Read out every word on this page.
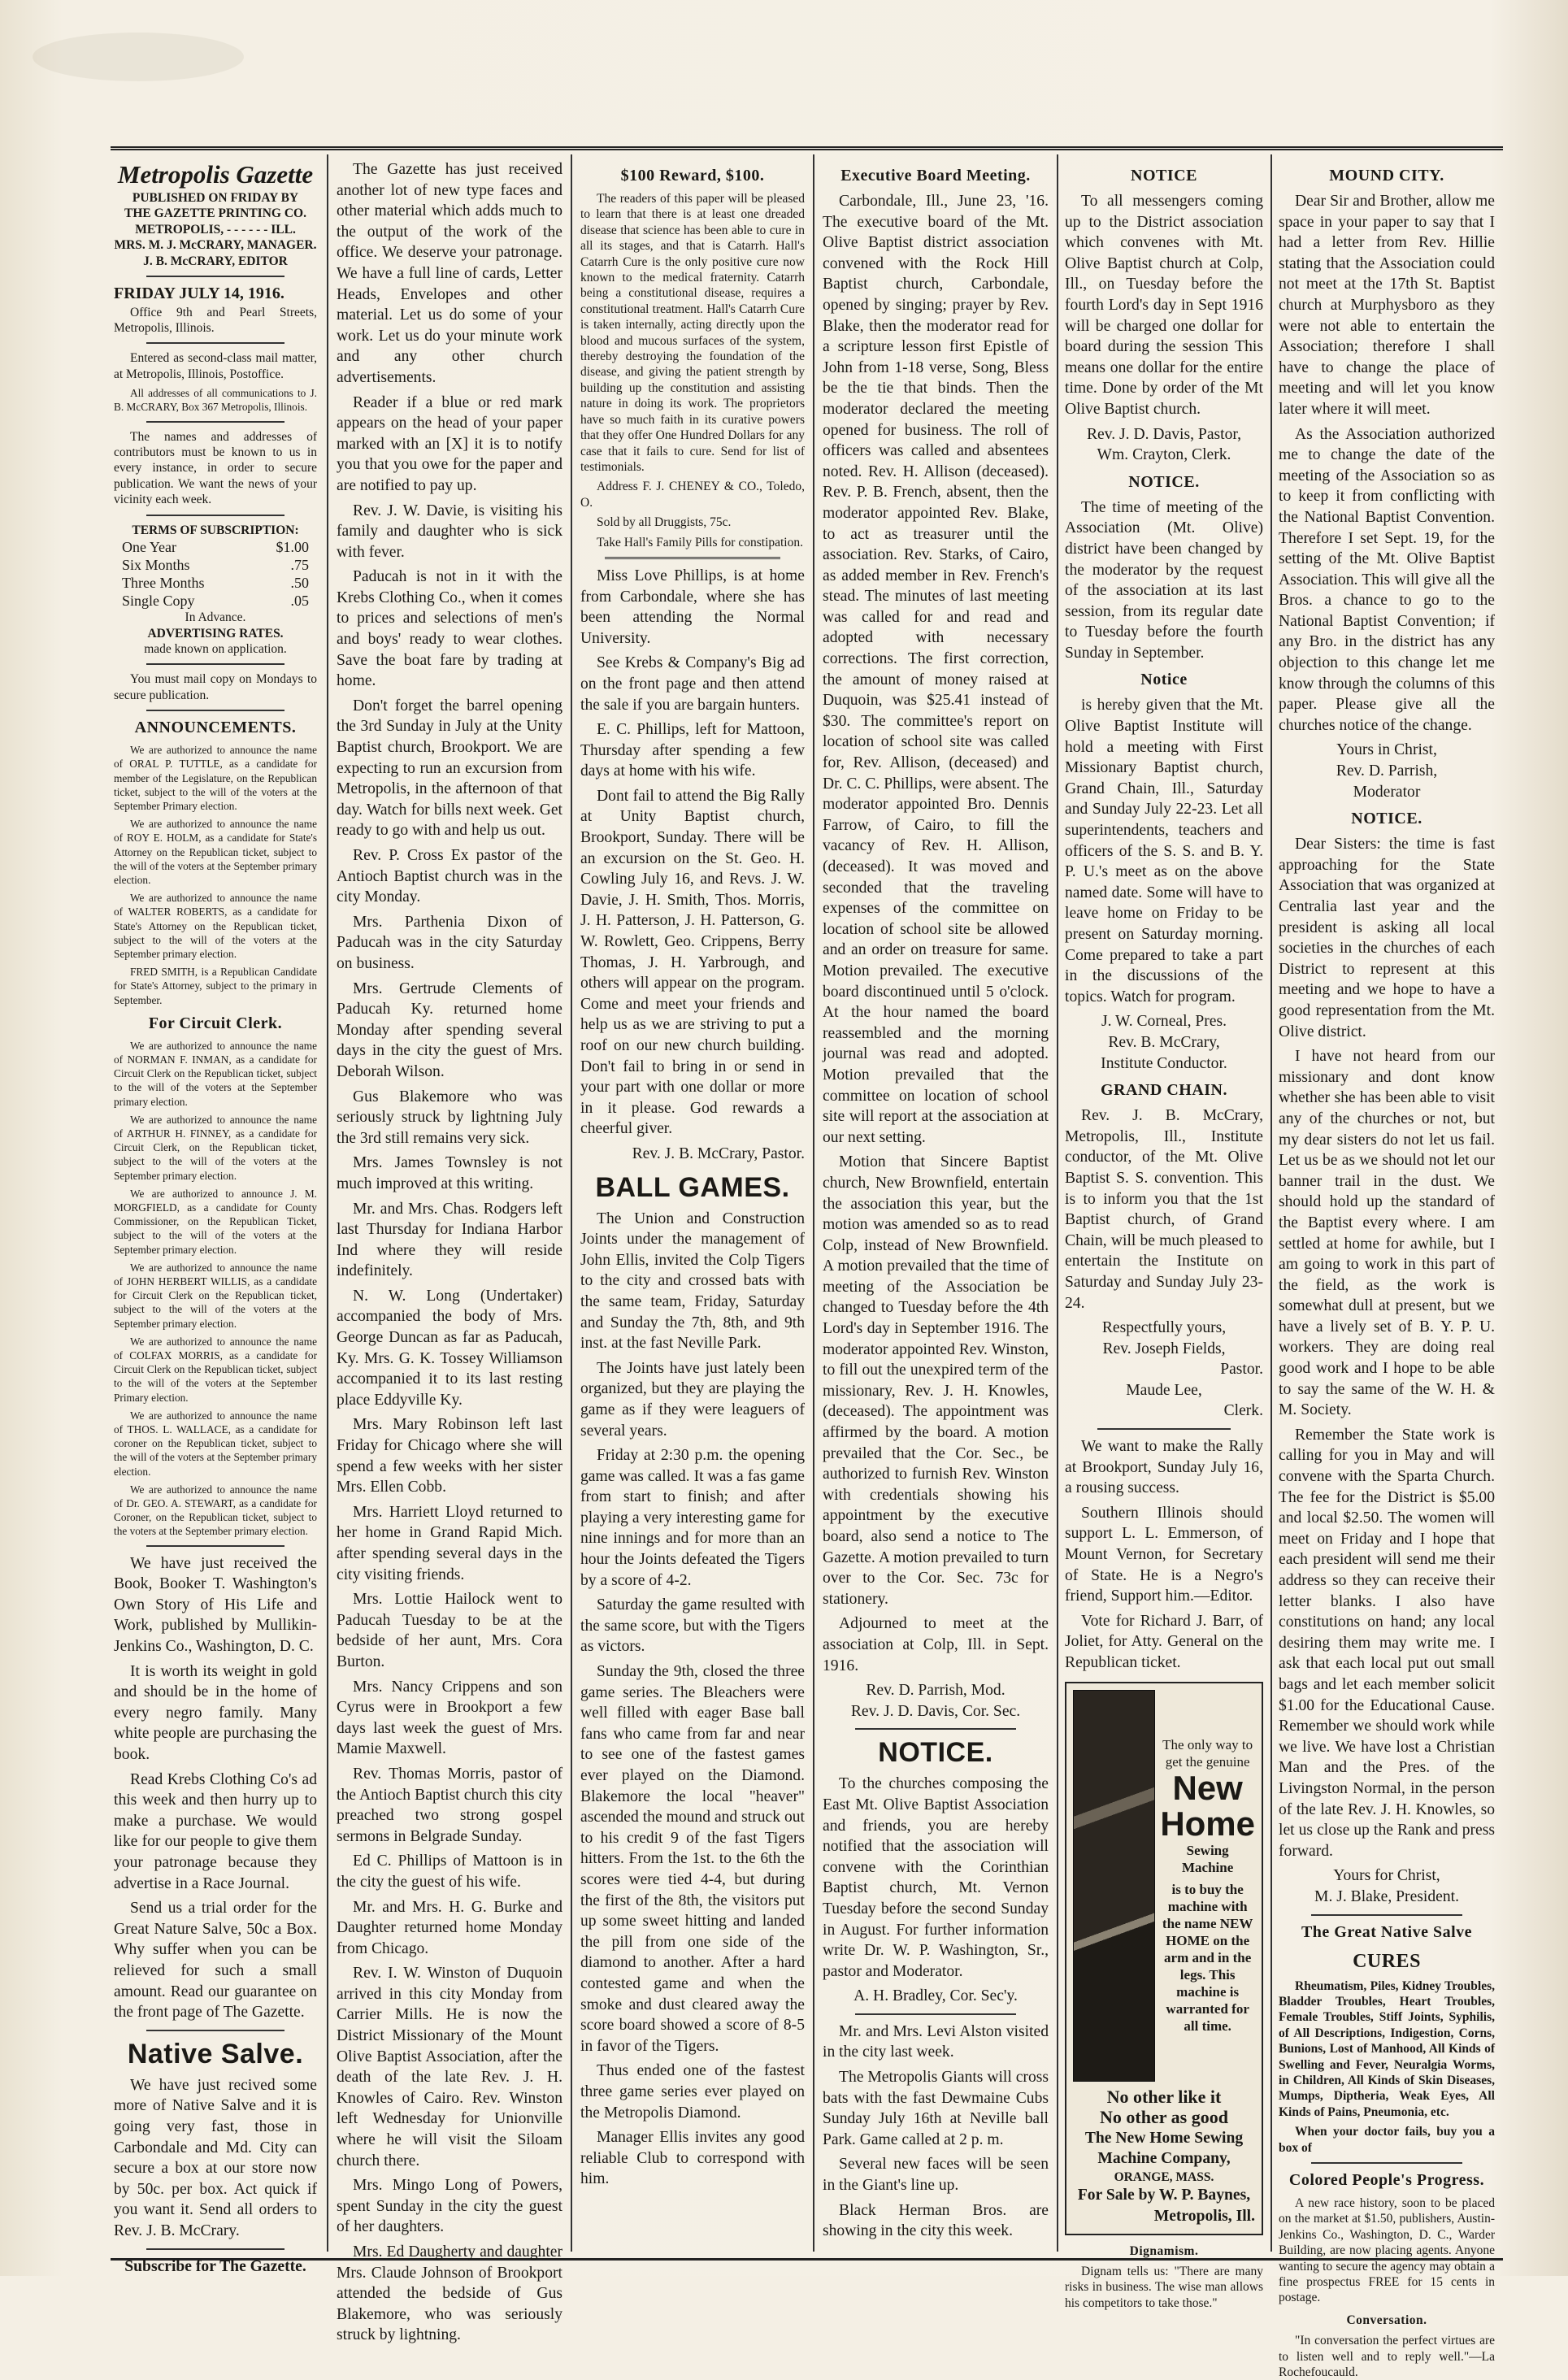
Metropolis Gazette
PUBLISHED ON FRIDAY BY
THE GAZETTE PRINTING CO.
METROPOLIS, - - - - - - ILL.
MRS. M. J. McCRARY, MANAGER.
J. B. McCRARY, EDITOR
FRIDAY JULY 14, 1916.

Office 9th and Pearl Streets, Metropolis, Illinois.

Entered as second-class mail matter, at Metropolis, Illinois, Postoffice.

All addresses of all communications to J. B. McCRARY, Box 367 Metropolis, Illinois.

The names and addresses of contributors must be known to us in every instance, in order to secure publication. We want the news of your vicinity each week.

TERMS OF SUBSCRIPTION:
One Year	$1.00
Six Months	.75
Three Months	.50
Single Copy	.05
In Advance.
ADVERTISING RATES.
made known on application.

You must mail copy on Mondays to secure publication.

ANNOUNCEMENTS.

We are authorized to announce the name of ORAL P. TUTTLE, as a candidate for member of the Legislature, on the Republican ticket, subject to the will of the voters at the September Primary election.

We are authorized to announce the name of ROY E. HOLM, as a candidate for State's Attorney on the Republican ticket, subject to the will of the voters at the September primary election.

We are authorized to announce the name of WALTER ROBERTS, as a candidate for State's Attorney on the Republican ticket, subject to the will of the voters at the September primary election.

FRED SMITH, is a Republican Candidate for State's Attorney, subject to the primary in September.

For Circuit Clerk.

We are authorized to announce the name of NORMAN F. INMAN, as a candidate for Circuit Clerk on the Republican ticket, subject to the will of the voters at the September primary election.

We are authorized to announce the name of ARTHUR H. FINNEY, as a candidate for Circuit Clerk, on the Republican ticket, subject to the will of the voters at the September primary election.

We are authorized to announce J. M. MORGFIELD, as a candidate for County Commissioner, on the Republican Ticket, subject to the will of the voters at the September primary election.

We are authorized to announce the name of JOHN HERBERT WILLIS, as a candidate for Circuit Clerk on the Republican ticket, subject to the will of the voters at the September primary election.

We are authorized to announce the name of COLFAX MORRIS, as a candidate for Circuit Clerk on the Republican ticket, subject to the will of the voters at the September Primary election.

We are authorized to announce the name of THOS. L. WALLACE, as a candidate for coroner on the Republican ticket, subject to the will of the voters at the September primary election.

We are authorized to announce the name of Dr. GEO. A. STEWART, as a candidate for Coroner, on the Republican ticket, subject to the voters at the September primary election.

We have just received the Book, Booker T. Washington's Own Story of His Life and Work, published by Mullikin-Jenkins Co., Washington, D. C.

It is worth its weight in gold and should be in the home of every negro family. Many white people are purchasing the book.

Read Krebs Clothing Co's ad this week and then hurry up to make a purchase. We would like for our people to give them your patronage because they advertise in a Race Journal.

Send us a trial order for the Great Nature Salve, 50c a Box. Why suffer when you can be relieved for such a small amount. Read our guarantee on the front page of The Gazette.

Native Salve.

We have just recived some more of Native Salve and it is going very fast, those in Carbondale and Md. City can secure a box at our store now by 50c. per box. Act quick if you want it. Send all orders to Rev. J. B. McCrary.

Subscribe for The Gazette.

The Gazette has just received another lot of new type faces and other material which adds much to the output of the work of the office. We deserve your patronage. We have a full line of cards, Letter Heads, Envelopes and other material. Let us do some of your work. Let us do your minute work and any other church advertisements.

Reader if a blue or red mark appears on the head of your paper marked with an [X] it is to notify you that you owe for the paper and are notified to pay up.

Rev. J. W. Davie, is visiting his family and daughter who is sick with fever.

Paducah is not in it with the Krebs Clothing Co., when it comes to prices and selections of men's and boys' ready to wear clothes. Save the boat fare by trading at home.

Don't forget the barrel opening the 3rd Sunday in July at the Unity Baptist church, Brookport. We are expecting to run an excursion from Metropolis, in the afternoon of that day. Watch for bills next week. Get ready to go with and help us out.

Rev. P. Cross Ex pastor of the Antioch Baptist church was in the city Monday.

Mrs. Parthenia Dixon of Paducah was in the city Saturday on business.

Mrs. Gertrude Clements of Paducah Ky. returned home Monday after spending several days in the city the guest of Mrs. Deborah Wilson.

Gus Blakemore who was seriously struck by lightning July the 3rd still remains very sick.

Mrs. James Townsley is not much improved at this writing.

Mr. and Mrs. Chas. Rodgers left last Thursday for Indiana Harbor Ind where they will reside indefinitely.

N. W. Long (Undertaker) accompanied the body of Mrs. George Duncan as far as Paducah, Ky. Mrs. G. K. Tossey Williamson accompanied it to its last resting place Eddyville Ky.

Mrs. Mary Robinson left last Friday for Chicago where she will spend a few weeks with her sister Mrs. Ellen Cobb.

Mrs. Harriett Lloyd returned to her home in Grand Rapid Mich. after spending several days in the city visiting friends.

Mrs. Lottie Hailock went to Paducah Tuesday to be at the bedside of her aunt, Mrs. Cora Burton.

Mrs. Nancy Crippens and son Cyrus were in Brookport a few days last week the guest of Mrs. Mamie Maxwell.

Rev. Thomas Morris, pastor of the Antioch Baptist church this city preached two strong gospel sermons in Belgrade Sunday.

Ed C. Phillips of Mattoon is in the city the guest of his wife.

Mr. and Mrs. H. G. Burke and Daughter returned home Monday from Chicago.

Rev. I. W. Winston of Duquoin arrived in this city Monday from Carrier Mills. He is now the District Missionary of the Mount Olive Baptist Association, after the death of the late Rev. J. H. Knowles of Cairo. Rev. Winston left Wednesday for Unionville where he will visit the Siloam church there.

Mrs. Mingo Long of Powers, spent Sunday in the city the guest of her daughters.

Mrs. Ed Daugherty and daughter Mrs. Claude Johnson of Brookport attended the bedside of Gus Blakemore, who was seriously struck by lightning.

$100 Reward, $100.

The readers of this paper will be pleased to learn that there is at least one dreaded disease that science has been able to cure in all its stages, and that is Catarrh. Hall's Catarrh Cure is the only positive cure now known to the medical fraternity. Catarrh being a constitutional disease, requires a constitutional treatment. Hall's Catarrh Cure is taken internally, acting directly upon the blood and mucous surfaces of the system, thereby destroying the foundation of the disease, and giving the patient strength by building up the constitution and assisting nature in doing its work. The proprietors have so much faith in its curative powers that they offer One Hundred Dollars for any case that it fails to cure. Send for list of testimonials.

Address F. J. CHENEY & CO., Toledo, O.

Sold by all Druggists, 75c.

Take Hall's Family Pills for constipation.

Miss Love Phillips, is at home from Carbondale, where she has been attending the Normal University.

See Krebs & Company's Big ad on the front page and then attend the sale if you are bargain hunters.

E. C. Phillips, left for Mattoon, Thursday after spending a few days at home with his wife.

Dont fail to attend the Big Rally at Unity Baptist church, Brookport, Sunday. There will be an excursion on the St. Geo. H. Cowling July 16, and Revs. J. W. Davie, J. H. Smith, Thos. Morris, J. H. Patterson, J. H. Patterson, G. W. Rowlett, Geo. Crippens, Berry Thomas, J. H. Yarbrough, and others will appear on the program. Come and meet your friends and help us as we are striving to put a roof on our new church building. Don't fail to bring in or send in your part with one dollar or more in it please. God rewards a cheerful giver.

Rev. J. B. McCrary, Pastor.

BALL GAMES.

The Union and Construction Joints under the management of John Ellis, invited the Colp Tigers to the city and crossed bats with the same team, Friday, Saturday and Sunday the 7th, 8th, and 9th inst. at the fast Neville Park.

The Joints have just lately been organized, but they are playing the game as if they were leaguers of several years.

Friday at 2:30 p.m. the opening game was called. It was a fas game from start to finish; and after playing a very interesting game for nine innings and for more than an hour the Joints defeated the Tigers by a score of 4-2.

Saturday the game resulted with the same score, but with the Tigers as victors.

Sunday the 9th, closed the three game series. The Bleachers were well filled with eager Base ball fans who came from far and near to see one of the fastest games ever played on the Diamond. Blakemore the local "heaver" ascended the mound and struck out to his credit 9 of the fast Tigers hitters. From the 1st. to the 6th the scores were tied 4-4, but during the first of the 8th, the visitors put up some sweet hitting and landed the pill from one side of the diamond to another. After a hard contested game and when the smoke and dust cleared away the score board showed a score of 8-5 in favor of the Tigers.

Thus ended one of the fastest three game series ever played on the Metropolis Diamond.

Manager Ellis invites any good reliable Club to correspond with him.

Executive Board Meeting.

Carbondale, Ill., June 23, '16. The executive board of the Mt. Olive Baptist district association convened with the Rock Hill Baptist church, Carbondale, opened by singing; prayer by Rev. Blake, then the moderator read for a scripture lesson first Epistle of John from 1-18 verse, Song, Bless be the tie that binds. Then the moderator declared the meeting opened for business. The roll of officers was called and absentees noted. Rev. H. Allison (deceased). Rev. P. B. French, absent, then the moderator appointed Rev. Blake, to act as treasurer until the association. Rev. Starks, of Cairo, as added member in Rev. French's stead. The minutes of last meeting was called for and read and adopted with necessary corrections. The first correction, the amount of money raised at Duquoin, was $25.41 instead of $30. The committee's report on location of school site was called for, Rev. Allison, (deceased) and Dr. C. C. Phillips, were absent. The moderator appointed Bro. Dennis Farrow, of Cairo, to fill the vacancy of Rev. H. Allison, (deceased). It was moved and seconded that the traveling expenses of the committee on location of school site be allowed and an order on treasure for same. Motion prevailed. The executive board discontinued until 5 o'clock. At the hour named the board reassembled and the morning journal was read and adopted. Motion prevailed that the committee on location of school site will report at the association at our next setting.

Motion that Sincere Baptist church, New Brownfield, entertain the association this year, but the motion was amended so as to read Colp, instead of New Brownfield. A motion prevailed that the time of meeting of the Association be changed to Tuesday before the 4th Lord's day in September 1916. The moderator appointed Rev. Winston, to fill out the unexpired term of the missionary, Rev. J. H. Knowles, (deceased). The appointment was affirmed by the board. A motion prevailed that the Cor. Sec., be authorized to furnish Rev. Winston with credentials showing his appointment by the executive board, also send a notice to The Gazette. A motion prevailed to turn over to the Cor. Sec. 73c for stationery.

Adjourned to meet at the association at Colp, Ill. in Sept. 1916.

Rev. D. Parrish, Mod.
Rev. J. D. Davis, Cor. Sec.
NOTICE.

To the churches composing the East Mt. Olive Baptist Association and friends, you are hereby notified that the association will convene with the Corinthian Baptist church, Mt. Vernon Tuesday before the second Sunday in August. For further information write Dr. W. P. Washington, Sr., pastor and Moderator.

A. H. Bradley, Cor. Sec'y.

Mr. and Mrs. Levi Alston visited in the city last week.

The Metropolis Giants will cross bats with the fast Dewmaine Cubs Sunday July 16th at Neville ball Park. Game called at 2 p. m.

Several new faces will be seen in the Giant's line up.

Black Herman Bros. are showing in the city this week.

NOTICE

To all messengers coming up to the District association which convenes with Mt. Olive Baptist church at Colp, Ill., on Tuesday before the fourth Lord's day in Sept 1916 will be charged one dollar for board during the session This means one dollar for the entire time. Done by order of the Mt Olive Baptist church.

Rev. J. D. Davis, Pastor,
Wm. Crayton, Clerk.
NOTICE.

The time of meeting of the Association (Mt. Olive) district have been changed by the moderator by the request of the association at its last session, from its regular date to Tuesday before the fourth Sunday in September.

Notice

is hereby given that the Mt. Olive Baptist Institute will hold a meeting with First Missionary Baptist church, Grand Chain, Ill., Saturday and Sunday July 22-23. Let all superintendents, teachers and officers of the S. S. and B. Y. P. U.'s meet as on the above named date. Some will have to leave home on Friday to be present on Saturday morning. Come prepared to take a part in the discussions of the topics. Watch for program.

J. W. Corneal, Pres.
Rev. B. McCrary,
Institute Conductor.
GRAND CHAIN.

Rev. J. B. McCrary, Metropolis, Ill., Institute conductor, of the Mt. Olive Baptist S. S. convention. This is to inform you that the 1st Baptist church, of Grand Chain, will be much pleased to entertain the Institute on Saturday and Sunday July 23-24.

Respectfully yours,
Rev. Joseph Fields,
Pastor.
Maude Lee,
Clerk.

We want to make the Rally at Brookport, Sunday July 16, a rousing success.

Southern Illinois should support L. L. Emmerson, of Mount Vernon, for Secretary of State. He is a Negro's friend, Support him.—Editor.

Vote for Richard J. Barr, of Joliet, for Atty. General on the Republican ticket.

The only way to get the genuine
New Home
Sewing Machine
is to buy the machine with the name NEW HOME on the arm and in the legs. This machine is warranted for all time.
No other like it
No other as good
The New Home Sewing Machine Company,
ORANGE, MASS.
For Sale by W. P. Baynes,
Metropolis, Ill.
Dignamism.

Dignam tells us: "There are many risks in business. The wise man allows his competitors to take those."

MOUND CITY.

Dear Sir and Brother, allow me space in your paper to say that I had a letter from Rev. Hillie stating that the Association could not meet at the 17th St. Baptist church at Murphysboro as they were not able to entertain the Association; therefore I shall have to change the place of meeting and will let you know later where it will meet.

As the Association authorized me to change the date of the meeting of the Association so as to keep it from conflicting with the National Baptist Convention. Therefore I set Sept. 19, for the setting of the Mt. Olive Baptist Association. This will give all the Bros. a chance to go to the National Baptist Convention; if any Bro. in the district has any objection to this change let me know through the columns of this paper. Please give all the churches notice of the change.

Yours in Christ,
Rev. D. Parrish,
Moderator
NOTICE.

Dear Sisters: the time is fast approaching for the State Association that was organized at Centralia last year and the president is asking all local societies in the churches of each District to represent at this meeting and we hope to have a good representation from the Mt. Olive district.

I have not heard from our missionary and dont know whether she has been able to visit any of the churches or not, but my dear sisters do not let us fail. Let us be as we should not let our banner trail in the dust. We should hold up the standard of the Baptist every where. I am settled at home for awhile, but I am going to work in this part of the field, as the work is somewhat dull at present, but we have a lively set of B. Y. P. U. workers. They are doing real good work and I hope to be able to say the same of the W. H. & M. Society.

Remember the State work is calling for you in May and will convene with the Sparta Church. The fee for the District is $5.00 and local $2.50. The women will meet on Friday and I hope that each president will send me their address so they can receive their letter blanks. I also have constitutions on hand; any local desiring them may write me. I ask that each local put out small bags and let each member solicit $1.00 for the Educational Cause. Remember we should work while we live. We have lost a Christian Man and the Pres. of the Livingston Normal, in the person of the late Rev. J. H. Knowles, so let us close up the Rank and press forward.

Yours for Christ,
M. J. Blake, President.
The Great Native Salve
CURES

Rheumatism, Piles, Kidney Troubles, Bladder Troubles, Heart Troubles, Female Troubles, Stiff Joints, Syphilis, of All Descriptions, Indigestion, Corns, Bunions, Lost of Manhood, All Kinds of Swelling and Fever, Neuralgia Worms, in Children, All Kinds of Skin Diseases, Mumps, Diptheria, Weak Eyes, All Kinds of Pains, Pneumonia, etc.

When your doctor fails, buy you a box of

Colored People's Progress.

A new race history, soon to be placed on the market at $1.50, publishers, Austin-Jenkins Co., Washington, D. C., Warder Building, are now placing agents. Anyone wanting to secure the agency may obtain a fine prospectus FREE for 15 cents in postage.

Conversation.

"In conversation the perfect virtues are to listen well and to reply well."—La Rochefoucauld.
